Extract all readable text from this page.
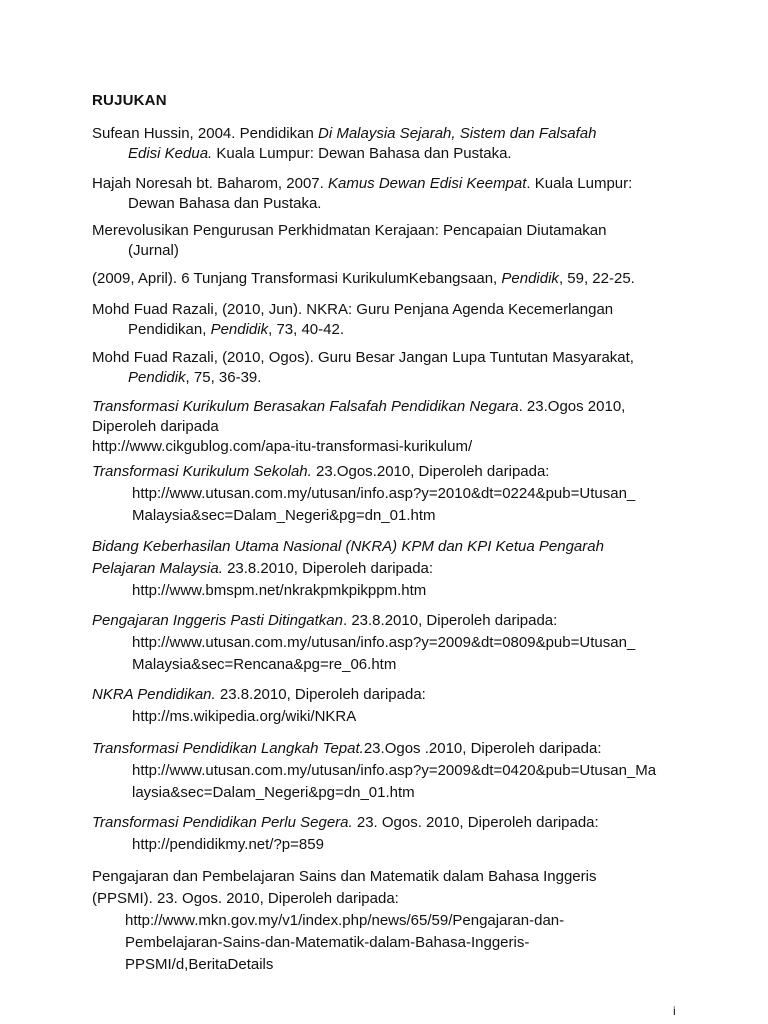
RUJUKAN
Sufean Hussin, 2004. Pendidikan Di Malaysia Sejarah, Sistem dan Falsafah
Edisi Kedua. Kuala Lumpur: Dewan Bahasa dan Pustaka.
Hajah Noresah bt. Baharom, 2007. Kamus Dewan Edisi Keempat. Kuala Lumpur:
Dewan Bahasa dan Pustaka.
Merevolusikan Pengurusan Perkhidmatan Kerajaan: Pencapaian Diutamakan
(Jurnal)
(2009, April). 6 Tunjang Transformasi KurikulumKebangsaan, Pendidik, 59, 22-25.
Mohd Fuad Razali, (2010, Jun). NKRA: Guru Penjana Agenda Kecemerlangan
Pendidikan, Pendidik, 73, 40-42.
Mohd Fuad Razali, (2010, Ogos). Guru Besar Jangan Lupa Tuntutan Masyarakat,
Pendidik, 75, 36-39.
Transformasi Kurikulum Berasakan Falsafah Pendidikan Negara. 23.Ogos 2010,
Diperoleh daripada
http://www.cikgublog.com/apa-itu-transformasi-kurikulum/
Transformasi Kurikulum Sekolah. 23.Ogos.2010, Diperoleh daripada:
http://www.utusan.com.my/utusan/info.asp?y=2010&dt=0224&pub=Utusan_
Malaysia&sec=Dalam_Negeri&pg=dn_01.htm
Bidang Keberhasilan Utama Nasional (NKRA) KPM dan KPI Ketua Pengarah
Pelajaran Malaysia. 23.8.2010, Diperoleh daripada:
http://www.bmspm.net/nkrakpmkpikppm.htm
Pengajaran Inggeris Pasti Ditingatkan. 23.8.2010, Diperoleh daripada:
http://www.utusan.com.my/utusan/info.asp?y=2009&dt=0809&pub=Utusan_
Malaysia&sec=Rencana&pg=re_06.htm
NKRA Pendidikan. 23.8.2010, Diperoleh daripada:
http://ms.wikipedia.org/wiki/NKRA
Transformasi Pendidikan Langkah Tepat.23.Ogos .2010, Diperoleh daripada:
http://www.utusan.com.my/utusan/info.asp?y=2009&dt=0420&pub=Utusan_Ma
laysia&sec=Dalam_Negeri&pg=dn_01.htm
Transformasi Pendidikan Perlu Segera. 23. Ogos. 2010, Diperoleh daripada:
http://pendidikmy.net/?p=859
Pengajaran dan Pembelajaran Sains dan Matematik dalam Bahasa Inggeris
(PPSMI). 23. Ogos. 2010, Diperoleh daripada:
http://www.mkn.gov.my/v1/index.php/news/65/59/Pengajaran-dan-
Pembelajaran-Sains-dan-Matematik-dalam-Bahasa-Inggeris-
PPSMI/d,BeritaDetails
i
